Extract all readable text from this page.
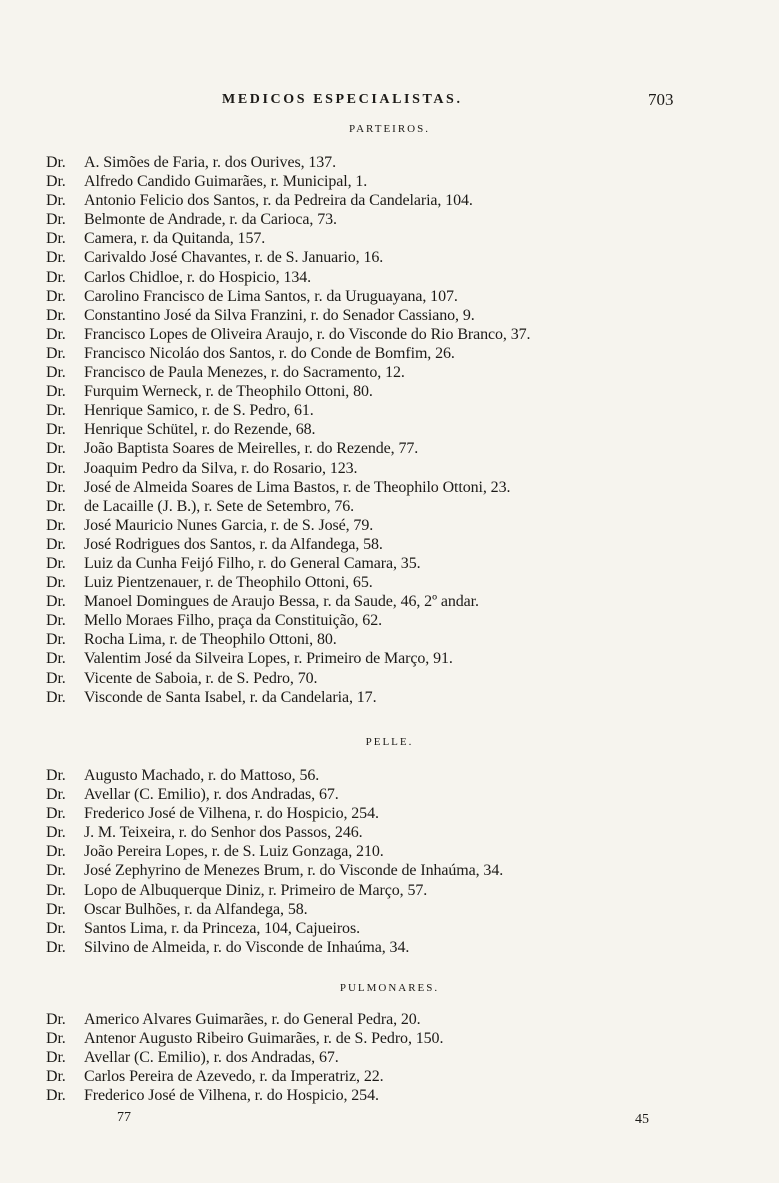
MEDICOS ESPECIALISTAS.	703
PARTEIROS.
Dr. A. Simões de Faria, r. dos Ourives, 137.
Dr. Alfredo Candido Guimarães, r. Municipal, 1.
Dr. Antonio Felicio dos Santos, r. da Pedreira da Candelaria, 104.
Dr. Belmonte de Andrade, r. da Carioca, 73.
Dr. Camera, r. da Quitanda, 157.
Dr. Carivaldo José Chavantes, r. de S. Januario, 16.
Dr. Carlos Chidloe, r. do Hospicio, 134.
Dr. Carolino Francisco de Lima Santos, r. da Uruguayana, 107.
Dr. Constantino José da Silva Franzini, r. do Senador Cassiano, 9.
Dr. Francisco Lopes de Oliveira Araujo, r. do Visconde do Rio Branco, 37.
Dr. Francisco Nicoláo dos Santos, r. do Conde de Bomfim, 26.
Dr. Francisco de Paula Menezes, r. do Sacramento, 12.
Dr. Furquim Werneck, r. de Theophilo Ottoni, 80.
Dr. Henrique Samico, r. de S. Pedro, 61.
Dr. Henrique Schütel, r. do Rezende, 68.
Dr. João Baptista Soares de Meirelles, r. do Rezende, 77.
Dr. Joaquim Pedro da Silva, r. do Rosario, 123.
Dr. José de Almeida Soares de Lima Bastos, r. de Theophilo Ottoni, 23.
Dr. de Lacaille (J. B.), r. Sete de Setembro, 76.
Dr. José Mauricio Nunes Garcia, r. de S. José, 79.
Dr. José Rodrigues dos Santos, r. da Alfandega, 58.
Dr. Luiz da Cunha Feijó Filho, r. do General Camara, 35.
Dr. Luiz Pientzenauer, r. de Theophilo Ottoni, 65.
Dr. Manoel Domingues de Araujo Bessa, r. da Saude, 46, 2º andar.
Dr. Mello Moraes Filho, praça da Constituição, 62.
Dr. Rocha Lima, r. de Theophilo Ottoni, 80.
Dr. Valentim José da Silveira Lopes, r. Primeiro de Março, 91.
Dr. Vicente de Saboia, r. de S. Pedro, 70.
Dr. Visconde de Santa Isabel, r. da Candelaria, 17.
PELLE.
Dr. Augusto Machado, r. do Mattoso, 56.
Dr. Avellar (C. Emilio), r. dos Andradas, 67.
Dr. Frederico José de Vilhena, r. do Hospicio, 254.
Dr. J. M. Teixeira, r. do Senhor dos Passos, 246.
Dr. João Pereira Lopes, r. de S. Luiz Gonzaga, 210.
Dr. José Zephyrino de Menezes Brum, r. do Visconde de Inhaúma, 34.
Dr. Lopo de Albuquerque Diniz, r. Primeiro de Março, 57.
Dr. Oscar Bulhões, r. da Alfandega, 58.
Dr. Santos Lima, r. da Princeza, 104, Cajueiros.
Dr. Silvino de Almeida, r. do Visconde de Inhaúma, 34.
PULMONARES.
Dr. Americo Alvares Guimarães, r. do General Pedra, 20.
Dr. Antenor Augusto Ribeiro Guimarães, r. de S. Pedro, 150.
Dr. Avellar (C. Emilio), r. dos Andradas, 67.
Dr. Carlos Pereira de Azevedo, r. da Imperatriz, 22.
Dr. Frederico José de Vilhena, r. do Hospicio, 254.
77	45
